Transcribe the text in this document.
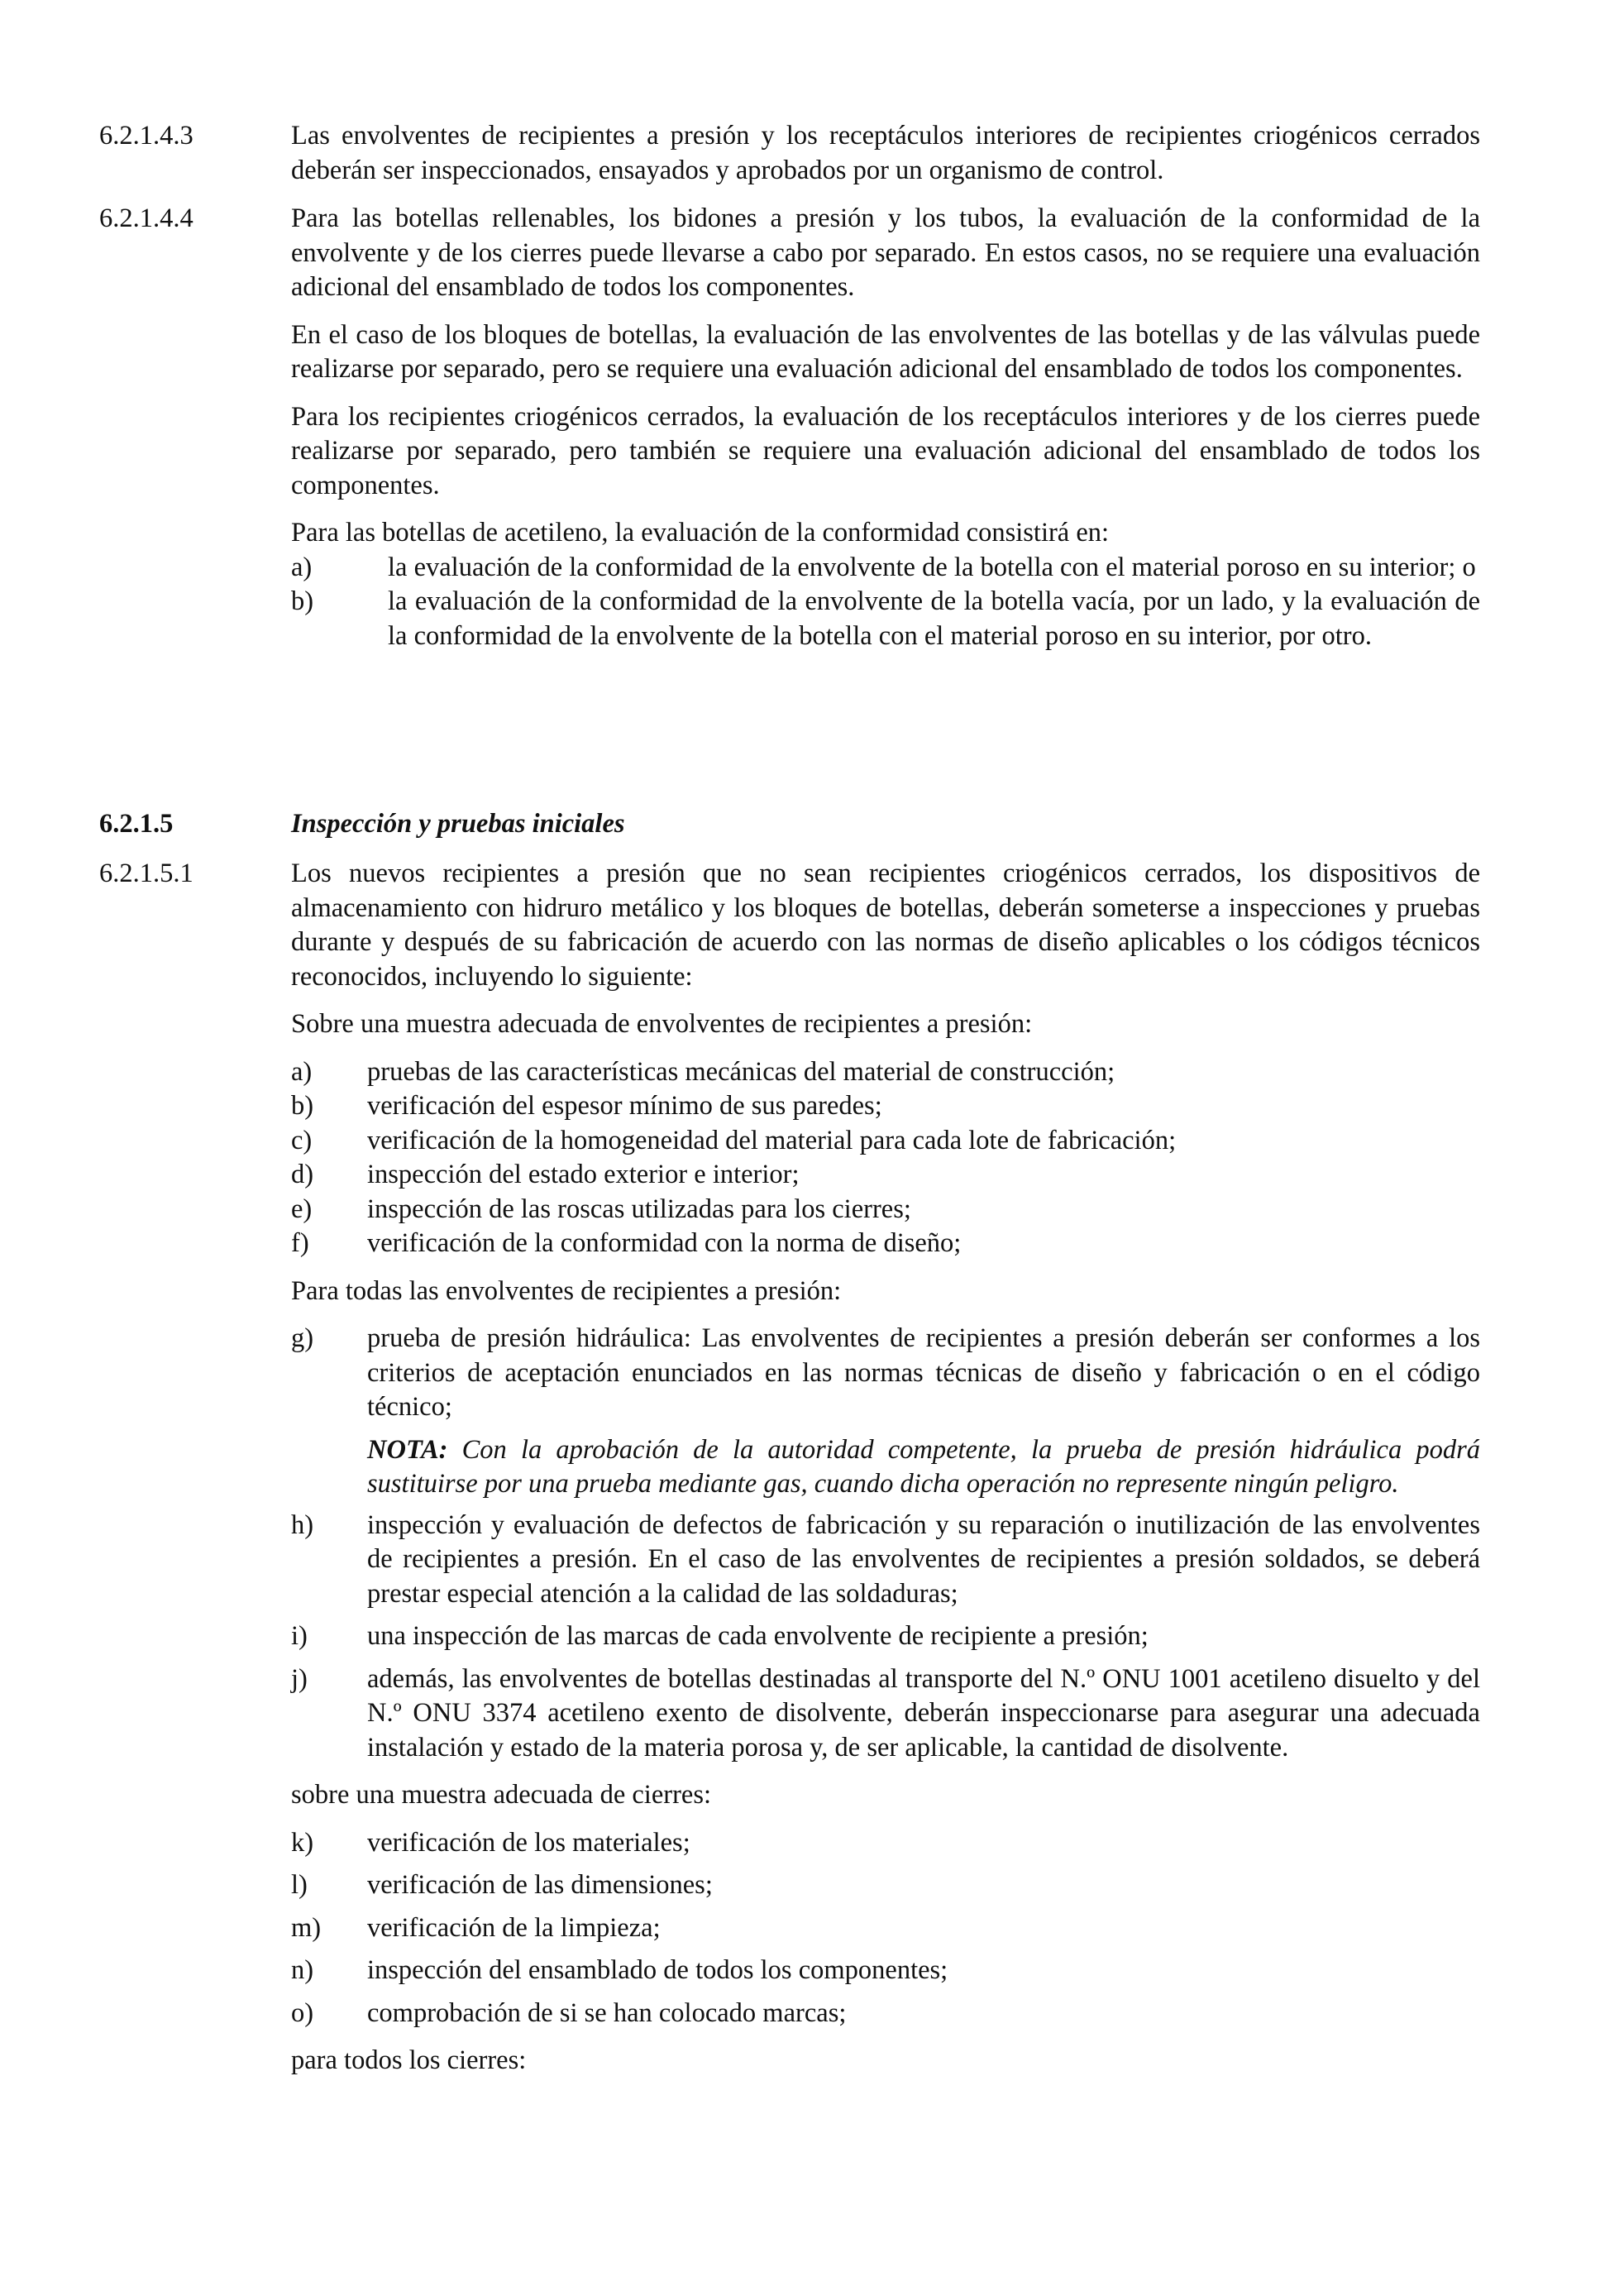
6.2.1.4.3	Las envolventes de recipientes a presión y los receptáculos interiores de recipientes criogénicos cerrados deberán ser inspeccionados, ensayados y aprobados por un organismo de control.

6.2.1.4.4	Para las botellas rellenables, los bidones a presión y los tubos, la evaluación de la conformidad de la envolvente y de los cierres puede llevarse a cabo por separado. En estos casos, no se requiere una evaluación adicional del ensamblado de todos los componentes.

En el caso de los bloques de botellas, la evaluación de las envolventes de las botellas y de las válvulas puede realizarse por separado, pero se requiere una evaluación adicional del ensamblado de todos los componentes.

Para los recipientes criogénicos cerrados, la evaluación de los receptáculos interiores y de los cierres puede realizarse por separado, pero también se requiere una evaluación adicional del ensamblado de todos los componentes.

Para las botellas de acetileno, la evaluación de la conformidad consistirá en:

a)	la evaluación de la conformidad de la envolvente de la botella con el material poroso en su interior; o
b)	la evaluación de la conformidad de la envolvente de la botella vacía, por un lado, y la evaluación de la conformidad de la envolvente de la botella con el material poroso en su interior, por otro.
6.2.1.5	Inspección y pruebas iniciales

6.2.1.5.1	Los nuevos recipientes a presión que no sean recipientes criogénicos cerrados, los dispositivos de almacenamiento con hidruro metálico y los bloques de botellas, deberán someterse a inspecciones y pruebas durante y después de su fabricación de acuerdo con las normas de diseño aplicables o los códigos técnicos reconocidos, incluyendo lo siguiente:

Sobre una muestra adecuada de envolventes de recipientes a presión:

a)	pruebas de las características mecánicas del material de construcción;
b)	verificación del espesor mínimo de sus paredes;
c)	verificación de la homogeneidad del material para cada lote de fabricación;
d)	inspección del estado exterior e interior;
e)	inspección de las roscas utilizadas para los cierres;
f)	verificación de la conformidad con la norma de diseño;

Para todas las envolventes de recipientes a presión:

g)	prueba de presión hidráulica: Las envolventes de recipientes a presión deberán ser conformes a los criterios de aceptación enunciados en las normas técnicas de diseño y fabricación o en el código técnico;
NOTA: Con la aprobación de la autoridad competente, la prueba de presión hidráulica podrá sustituirse por una prueba mediante gas, cuando dicha operación no represente ningún peligro.
h)	inspección y evaluación de defectos de fabricación y su reparación o inutilización de las envolventes de recipientes a presión. En el caso de las envolventes de recipientes a presión soldados, se deberá prestar especial atención a la calidad de las soldaduras;
i)	una inspección de las marcas de cada envolvente de recipiente a presión;
j)	además, las envolventes de botellas destinadas al transporte del N.º ONU 1001 acetileno disuelto y del N.º ONU 3374 acetileno exento de disolvente, deberán inspeccionarse para asegurar una adecuada instalación y estado de la materia porosa y, de ser aplicable, la cantidad de disolvente.

sobre una muestra adecuada de cierres:

k)	verificación de los materiales;
l)	verificación de las dimensiones;
m)	verificación de la limpieza;
n)	inspección del ensamblado de todos los componentes;
o)	comprobación de si se han colocado marcas;

para todos los cierres:
